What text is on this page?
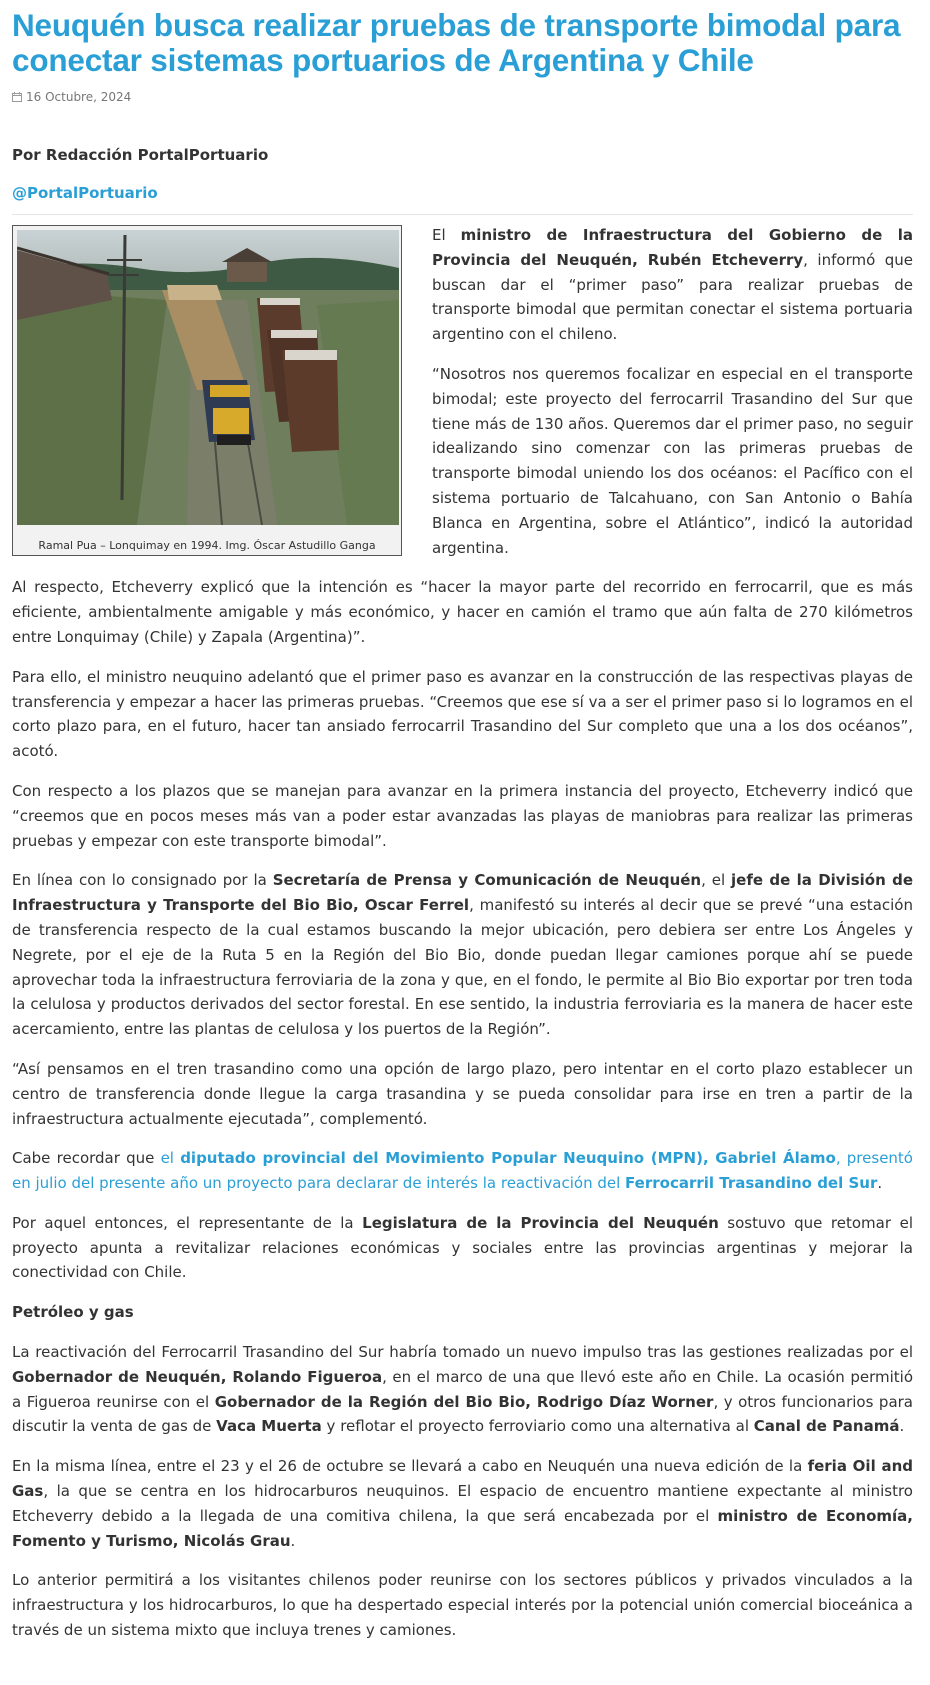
Neuquén busca realizar pruebas de transporte bimodal para conectar sistemas portuarios de Argentina y Chile
16 Octubre, 2024
Por Redacción PortalPortuario
@PortalPortuario
Ramal Pua – Lonquimay en 1994. Img. Óscar Astudillo Ganga

El ministro de Infraestructura del Gobierno de la Provincia del Neuquén, Rubén Etcheverry, informó que buscan dar el “primer paso” para realizar pruebas de transporte bimodal que permitan conectar el sistema portuaria argentino con el chileno.

“Nosotros nos queremos focalizar en especial en el transporte bimodal; este proyecto del ferrocarril Trasandino del Sur que tiene más de 130 años. Queremos dar el primer paso, no seguir idealizando sino comenzar con las primeras pruebas de transporte bimodal uniendo los dos océanos: el Pacífico con el sistema portuario de Talcahuano, con San Antonio o Bahía Blanca en Argentina, sobre el Atlántico”, indicó la autoridad argentina.

Al respecto, Etcheverry explicó que la intención es “hacer la mayor parte del recorrido en ferrocarril, que es más eficiente, ambientalmente amigable y más económico, y hacer en camión el tramo que aún falta de 270 kilómetros entre Lonquimay (Chile) y Zapala (Argentina)”.

Para ello, el ministro neuquino adelantó que el primer paso es avanzar en la construcción de las respectivas playas de transferencia y empezar a hacer las primeras pruebas. “Creemos que ese sí va a ser el primer paso si lo logramos en el corto plazo para, en el futuro, hacer tan ansiado ferrocarril Trasandino del Sur completo que una a los dos océanos”, acotó.

Con respecto a los plazos que se manejan para avanzar en la primera instancia del proyecto, Etcheverry indicó que “creemos que en pocos meses más van a poder estar avanzadas las playas de maniobras para realizar las primeras pruebas y empezar con este transporte bimodal”.

En línea con lo consignado por la Secretaría de Prensa y Comunicación de Neuquén, el jefe de la División de Infraestructura y Transporte del Bio Bio, Oscar Ferrel, manifestó su interés al decir que se prevé “una estación de transferencia respecto de la cual estamos buscando la mejor ubicación, pero debiera ser entre Los Ángeles y Negrete, por el eje de la Ruta 5 en la Región del Bio Bio, donde puedan llegar camiones porque ahí se puede aprovechar toda la infraestructura ferroviaria de la zona y que, en el fondo, le permite al Bio Bio exportar por tren toda la celulosa y productos derivados del sector forestal. En ese sentido, la industria ferroviaria es la manera de hacer este acercamiento, entre las plantas de celulosa y los puertos de la Región”.

“Así pensamos en el tren trasandino como una opción de largo plazo, pero intentar en el corto plazo establecer un centro de transferencia donde llegue la carga trasandina y se pueda consolidar para irse en tren a partir de la infraestructura actualmente ejecutada”, complementó.

Cabe recordar que el diputado provincial del Movimiento Popular Neuquino (MPN), Gabriel Álamo, presentó en julio del presente año un proyecto para declarar de interés la reactivación del Ferrocarril Trasandino del Sur.

Por aquel entonces, el representante de la Legislatura de la Provincia del Neuquén sostuvo que retomar el proyecto apunta a revitalizar relaciones económicas y sociales entre las provincias argentinas y mejorar la conectividad con Chile.

Petróleo y gas

La reactivación del Ferrocarril Trasandino del Sur habría tomado un nuevo impulso tras las gestiones realizadas por el Gobernador de Neuquén, Rolando Figueroa, en el marco de una que llevó este año en Chile. La ocasión permitió a Figueroa reunirse con el Gobernador de la Región del Bio Bio, Rodrigo Díaz Worner, y otros funcionarios para discutir la venta de gas de Vaca Muerta y reflotar el proyecto ferroviario como una alternativa al Canal de Panamá.

En la misma línea, entre el 23 y el 26 de octubre se llevará a cabo en Neuquén una nueva edición de la feria Oil and Gas, la que se centra en los hidrocarburos neuquinos. El espacio de encuentro mantiene expectante al ministro Etcheverry debido a la llegada de una comitiva chilena, la que será encabezada por el ministro de Economía, Fomento y Turismo, Nicolás Grau.

Lo anterior permitirá a los visitantes chilenos poder reunirse con los sectores públicos y privados vinculados a la infraestructura y los hidrocarburos, lo que ha despertado especial interés por la potencial unión comercial bioceánica a través de un sistema mixto que incluya trenes y camiones.
